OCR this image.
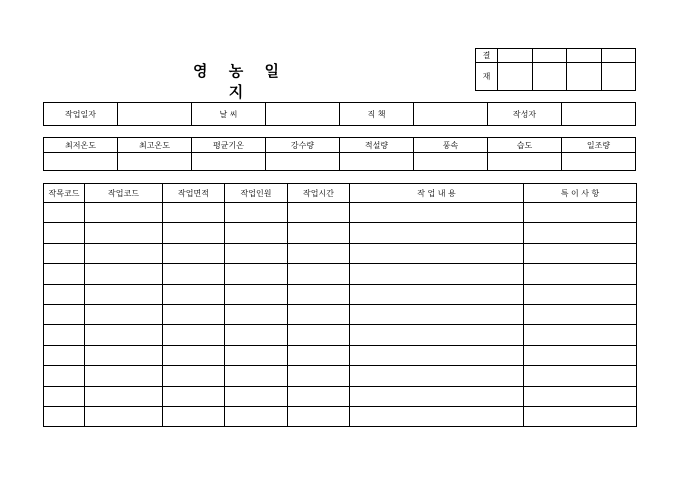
영 농 일 지
결				
재				
작업일자		날 씨		직 책		작성자	
최저온도	최고온도	평균기온	강수량	적설량	풍속	습도	일조량

작목코드	작업코드	작업면적	작업인원	작업시간	작 업 내 용	특 이 사 항
